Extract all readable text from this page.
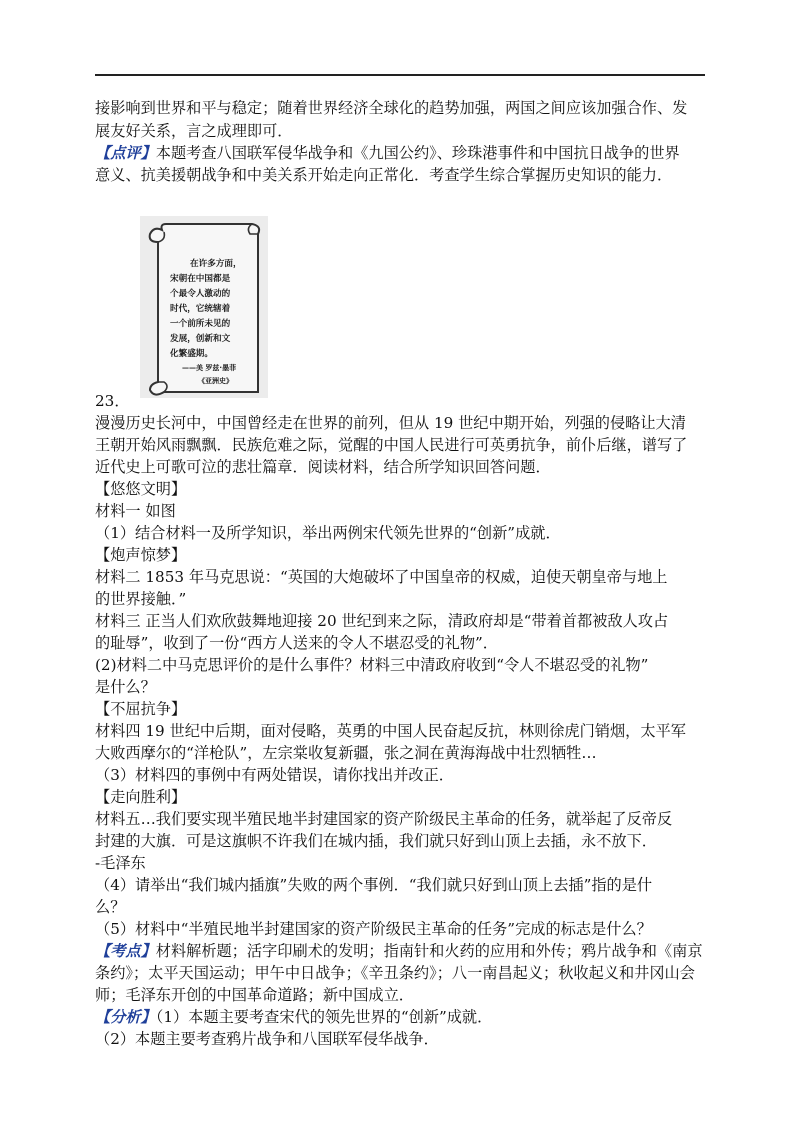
接影响到世界和平与稳定；随着世界经济全球化的趋势加强，两国之间应该加强合作、发
展友好关系，言之成理即可．
【点评】本题考查八国联军侵华战争和《九国公约》、珍珠港事件和中国抗日战争的世界
意义、抗美援朝战争和中美关系开始走向正常化．考查学生综合掌握历史知识的能力．
在许多方面，
宋朝在中国都是
个最令人激动的
时代，它统辖着
一个前所未见的
发展，创新和文
化繁盛期。
——美 罗兹·墨菲
《亚洲史》
23．
漫漫历史长河中，中国曾经走在世界的前列，但从 19 世纪中期开始，列强的侵略让大清
王朝开始风雨飘飘．民族危难之际，觉醒的中国人民进行可英勇抗争，前仆后继，谱写了
近代史上可歌可泣的悲壮篇章．阅读材料，结合所学知识回答问题．
【悠悠文明】
材料一 如图
（1）结合材料一及所学知识，举出两例宋代领先世界的“创新”成就．
【炮声惊梦】
材料二 1853 年马克思说：“英国的大炮破坏了中国皇帝的权威，迫使天朝皇帝与地上
的世界接触．”
材料三 正当人们欢欣鼓舞地迎接 20 世纪到来之际，清政府却是“带着首都被敌人攻占
的耻辱”，收到了一份“西方人送来的令人不堪忍受的礼物”．
(2)材料二中马克思评价的是什么事件？材料三中清政府收到“令人不堪忍受的礼物”
是什么？
【不屈抗争】
材料四 19 世纪中后期，面对侵略，英勇的中国人民奋起反抗，林则徐虎门销烟，太平军
大败西摩尔的“洋枪队”，左宗棠收复新疆，张之洞在黄海海战中壮烈牺牲…
（3）材料四的事例中有两处错误，请你找出并改正．
【走向胜利】
材料五…我们要实现半殖民地半封建国家的资产阶级民主革命的任务，就举起了反帝反
封建的大旗．可是这旗帜不许我们在城内插，我们就只好到山顶上去插，永不放下．
-毛泽东
（4）请举出“我们城内插旗”失败的两个事例．“我们就只好到山顶上去插”指的是什
么？
（5）材料中“半殖民地半封建国家的资产阶级民主革命的任务”完成的标志是什么？
【考点】材料解析题；活字印刷术的发明；指南针和火药的应用和外传；鸦片战争和《南京
条约》；太平天国运动；甲午中日战争；《辛丑条约》；八一南昌起义；秋收起义和井冈山会
师；毛泽东开创的中国革命道路；新中国成立．
【分析】（1）本题主要考查宋代的领先世界的“创新”成就．
（2）本题主要考查鸦片战争和八国联军侵华战争．
